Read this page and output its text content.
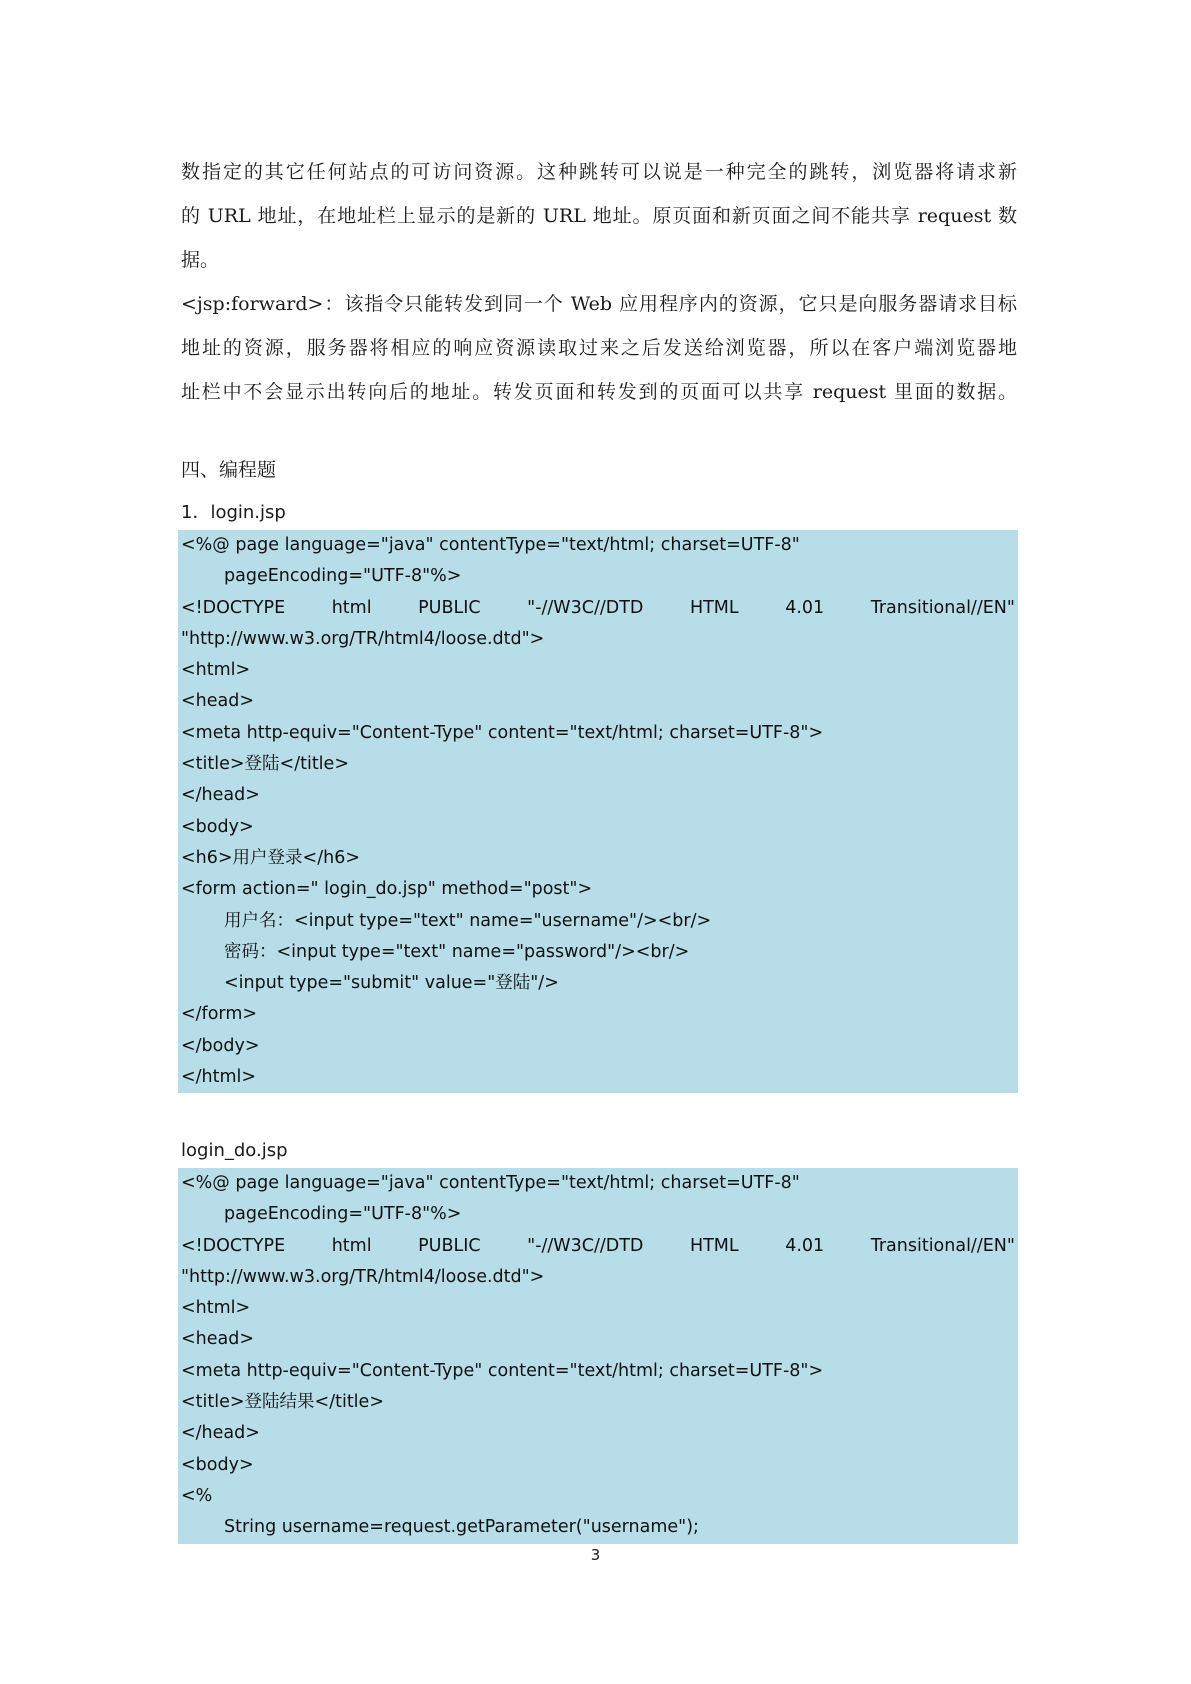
数指定的其它任何站点的可访问资源。这种跳转可以说是一种完全的跳转，浏览器将请求新
的 URL 地址，在地址栏上显示的是新的 URL 地址。原页面和新页面之间不能共享 request 数
据。
<jsp:forward>：该指令只能转发到同一个 Web 应用程序内的资源，它只是向服务器请求目标
地址的资源，服务器将相应的响应资源读取过来之后发送给浏览器，所以在客户端浏览器地
址栏中不会显示出转向后的地址。转发页面和转发到的页面可以共享 request 里面的数据。
四、编程题
1．login.jsp
<%@ page language="java" contentType="text/html; charset=UTF-8"
pageEncoding="UTF-8"%>
<!DOCTYPE	html	PUBLIC	"-//W3C//DTD	HTML	4.01	Transitional//EN"
"http://www.w3.org/TR/html4/loose.dtd">
<html>
<head>
<meta http-equiv="Content-Type" content="text/html; charset=UTF-8">
<title>登陆</title>
</head>
<body>
<h6>用户登录</h6>
<form action=" login_do.jsp" method="post">
用户名：<input type="text" name="username"/><br/>
密码：<input type="text" name="password"/><br/>
<input type="submit" value="登陆"/>
</form>
</body>
</html>
login_do.jsp
<%@ page language="java" contentType="text/html; charset=UTF-8"
pageEncoding="UTF-8"%>
<!DOCTYPE	html	PUBLIC	"-//W3C//DTD	HTML	4.01	Transitional//EN"
"http://www.w3.org/TR/html4/loose.dtd">
<html>
<head>
<meta http-equiv="Content-Type" content="text/html; charset=UTF-8">
<title>登陆结果</title>
</head>
<body>
<%
String username=request.getParameter("username");
3
